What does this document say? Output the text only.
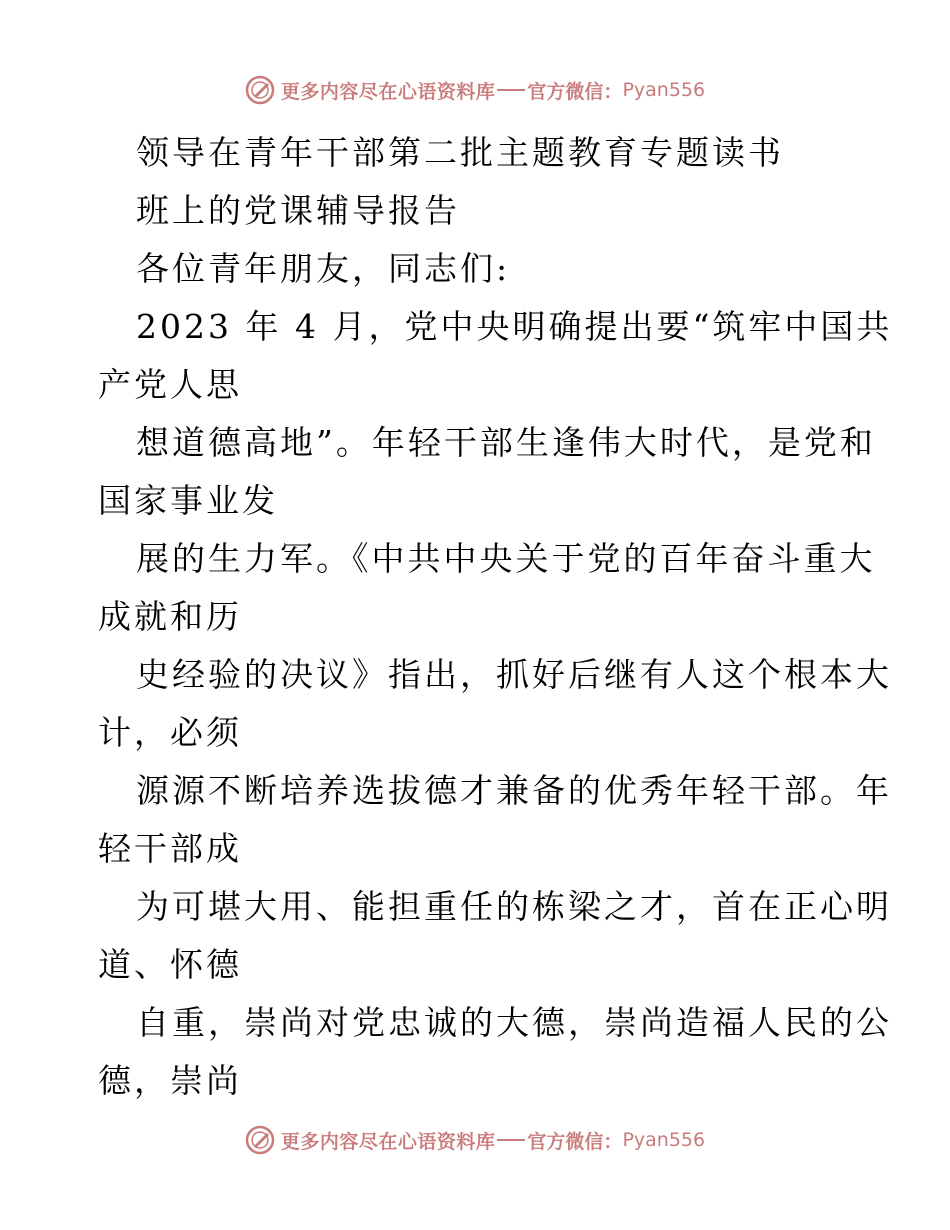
更多内容尽在心语资料库 官方微信： Pyan556
领导在青年干部第二批主题教育专题读书
班上的党课辅导报告
各位青年朋友，同志们:
2023 年 4 月，党中央明确提出要“筑牢中国共
产党人思
想道德高地”。年轻干部生逢伟大时代，是党和
国家事业发
展的生力军。《中共中央关于党的百年奋斗重大
成就和历
史经验的决议》指出，抓好后继有人这个根本大
计，必须
源源不断培养选拔德才兼备的优秀年轻干部。年
轻干部成
为可堪大用、能担重任的栋梁之才，首在正心明
道、怀德
自重，崇尚对党忠诚的大德，崇尚造福人民的公
德，崇尚
更多内容尽在心语资料库 官方微信： Pyan556
